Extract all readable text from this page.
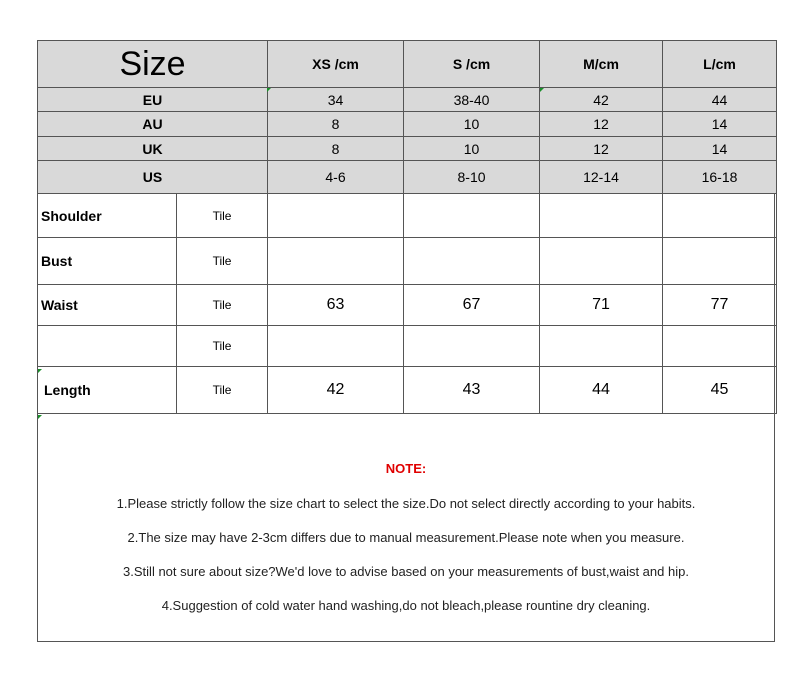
Size		XS /cm	S /cm	M/cm	L/cm
EU		34	38-40	42	44
AU		8	10	12	14
UK		8	10	12	14
US		4-6	8-10	12-14	16-18
Shoulder	Tile				
Bust	Tile				
Waist	Tile	63	67	71	77
	Tile				
Length	Tile	42	43	44	45
NOTE:
1.Please strictly follow the size chart to select the size.Do not select directly according to your habits.
2.The size may have 2-3cm differs due to manual measurement.Please note when you measure.
3.Still not sure about size?We'd love to advise based on your measurements of bust,waist and hip.
4.Suggestion of cold water hand washing,do not bleach,please rountine dry cleaning.
